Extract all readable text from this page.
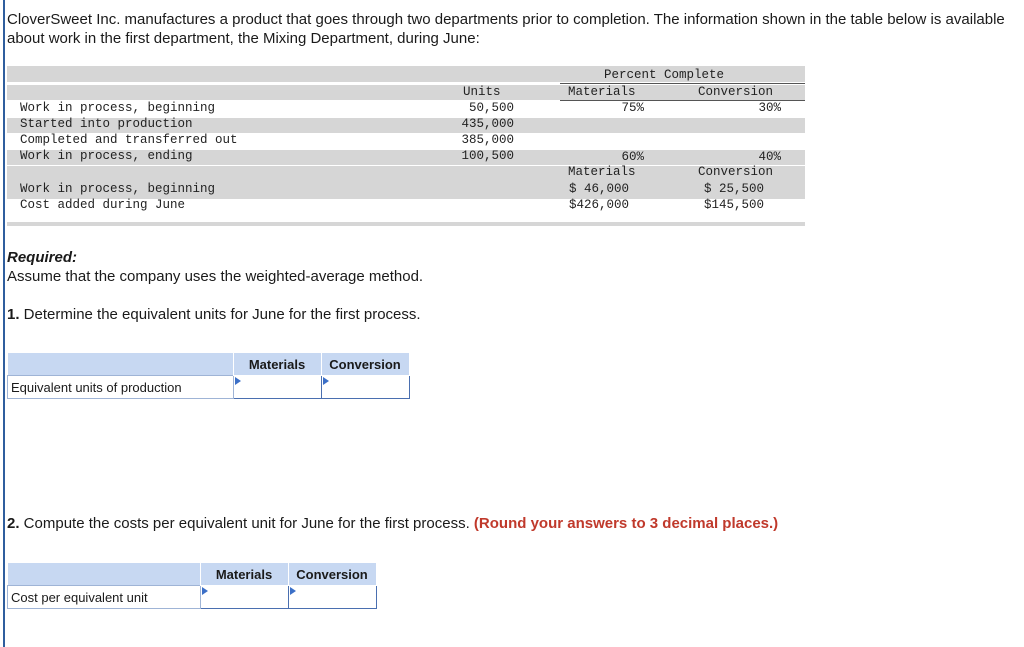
CloverSweet Inc. manufactures a product that goes through two departments prior to completion. The information shown in the table below is available about work in the first department, the Mixing Department, during June:
Percent Complete
Units	Materials	Conversion
Work in process, beginning	50,500	75%	30%
Started into production	435,000
Completed and transferred out	385,000
Work in process, ending	100,500	60%	40%
Materials	Conversion
Work in process, beginning	$ 46,000	$ 25,500
Cost added during June	$426,000	$145,500
Required:
Assume that the company uses the weighted-average method.
1. Determine the equivalent units for June for the first process.
	Materials	Conversion
Equivalent units of production	

2. Compute the costs per equivalent unit for June for the first process. (Round your answers to 3 decimal places.)
	Materials	Conversion
Cost per equivalent unit	
